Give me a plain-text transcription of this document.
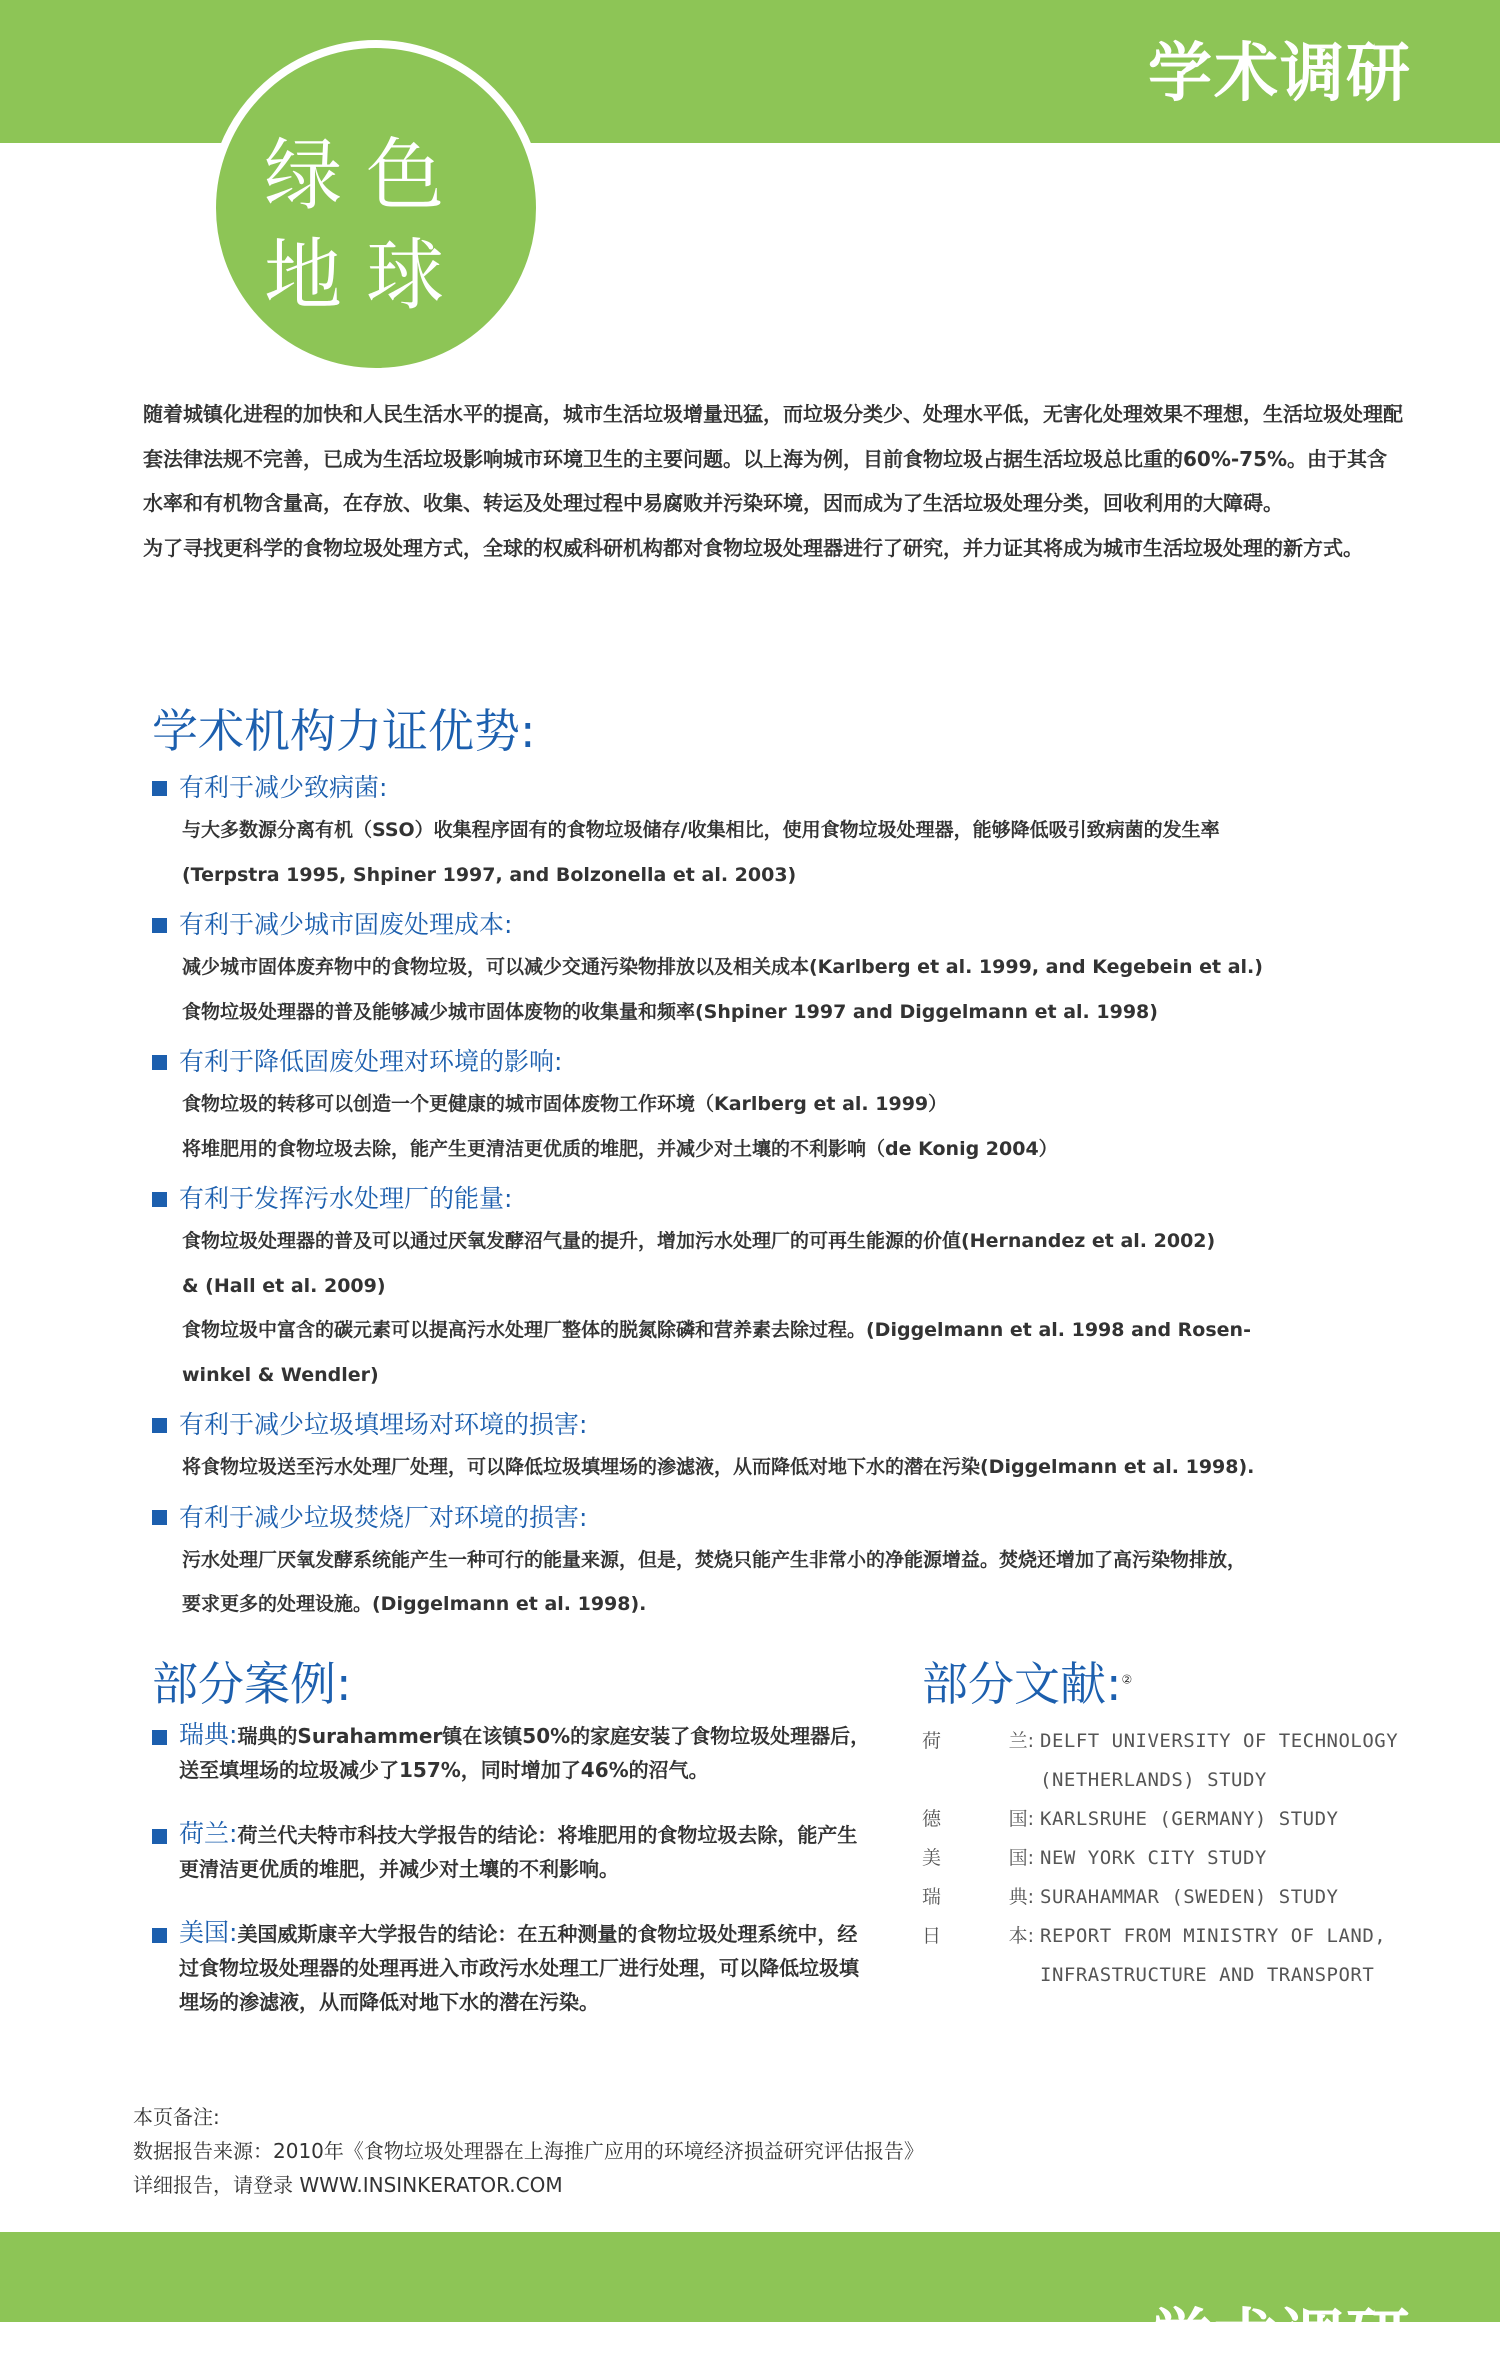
学术调研
绿色
地球

随着城镇化进程的加快和人民生活水平的提高，城市生活垃圾增量迅猛，而垃圾分类少、处理水平低，无害化处理效果不理想，生活垃圾处理配套法律法规不完善，已成为生活垃圾影响城市环境卫生的主要问题。以上海为例，目前食物垃圾占据生活垃圾总比重的60%-75%。由于其含水率和有机物含量高，在存放、收集、转运及处理过程中易腐败并污染环境，因而成为了生活垃圾处理分类，回收利用的大障碍。

为了寻找更科学的食物垃圾处理方式，全球的权威科研机构都对食物垃圾处理器进行了研究，并力证其将成为城市生活垃圾处理的新方式。

学术机构力证优势:
有利于减少致病菌:
与大多数源分离有机（SSO）收集程序固有的食物垃圾储存/收集相比，使用食物垃圾处理器，能够降低吸引致病菌的发生率
(Terpstra 1995, Shpiner 1997, and Bolzonella et al. 2003)
有利于减少城市固废处理成本:
减少城市固体废弃物中的食物垃圾，可以减少交通污染物排放以及相关成本(Karlberg et al. 1999, and Kegebein et al.)
食物垃圾处理器的普及能够减少城市固体废物的收集量和频率(Shpiner 1997 and Diggelmann et al. 1998)
有利于降低固废处理对环境的影响:
食物垃圾的转移可以创造一个更健康的城市固体废物工作环境（Karlberg et al. 1999）
将堆肥用的食物垃圾去除，能产生更清洁更优质的堆肥，并减少对土壤的不利影响（de Konig 2004）
有利于发挥污水处理厂的能量:
食物垃圾处理器的普及可以通过厌氧发酵沼气量的提升，增加污水处理厂的可再生能源的价值(Hernandez et al. 2002)
& (Hall et al. 2009)
食物垃圾中富含的碳元素可以提高污水处理厂整体的脱氮除磷和营养素去除过程。(Diggelmann et al. 1998 and Rosen-
winkel & Wendler)
有利于减少垃圾填埋场对环境的损害:
将食物垃圾送至污水处理厂处理，可以降低垃圾填埋场的渗滤液，从而降低对地下水的潜在污染(Diggelmann et al. 1998).
有利于减少垃圾焚烧厂对环境的损害:
污水处理厂厌氧发酵系统能产生一种可行的能量来源，但是，焚烧只能产生非常小的净能源增益。焚烧还增加了高污染物排放，
要求更多的处理设施。(Diggelmann et al. 1998).
部分案例:
瑞典:瑞典的Surahammer镇在该镇50%的家庭安装了食物垃圾处理器后，送至填埋场的垃圾减少了157%，同时增加了46%的沼气。
荷兰:荷兰代夫特市科技大学报告的结论：将堆肥用的食物垃圾去除，能产生更清洁更优质的堆肥，并减少对土壤的不利影响。
美国:美国威斯康辛大学报告的结论：在五种测量的食物垃圾处理系统中，经过食物垃圾处理器的处理再进入市政污水处理工厂进行处理，可以降低垃圾填埋场的渗滤液，从而降低对地下水的潜在污染。
部分文献:②
荷	兰: DELFT UNIVERSITY OF TECHNOLOGY
(NETHERLANDS) STUDY
德	国: KARLSRUHE (GERMANY) STUDY
美	国: NEW YORK CITY STUDY
瑞	典: SURAHAMMAR (SWEDEN) STUDY
日	本: REPORT FROM MINISTRY OF LAND,
INFRASTRUCTURE AND TRANSPORT
本页备注:
数据报告来源：2010年《食物垃圾处理器在上海推广应用的环境经济损益研究评估报告》
详细报告，请登录 WWW.INSINKERATOR.COM
学术调研
